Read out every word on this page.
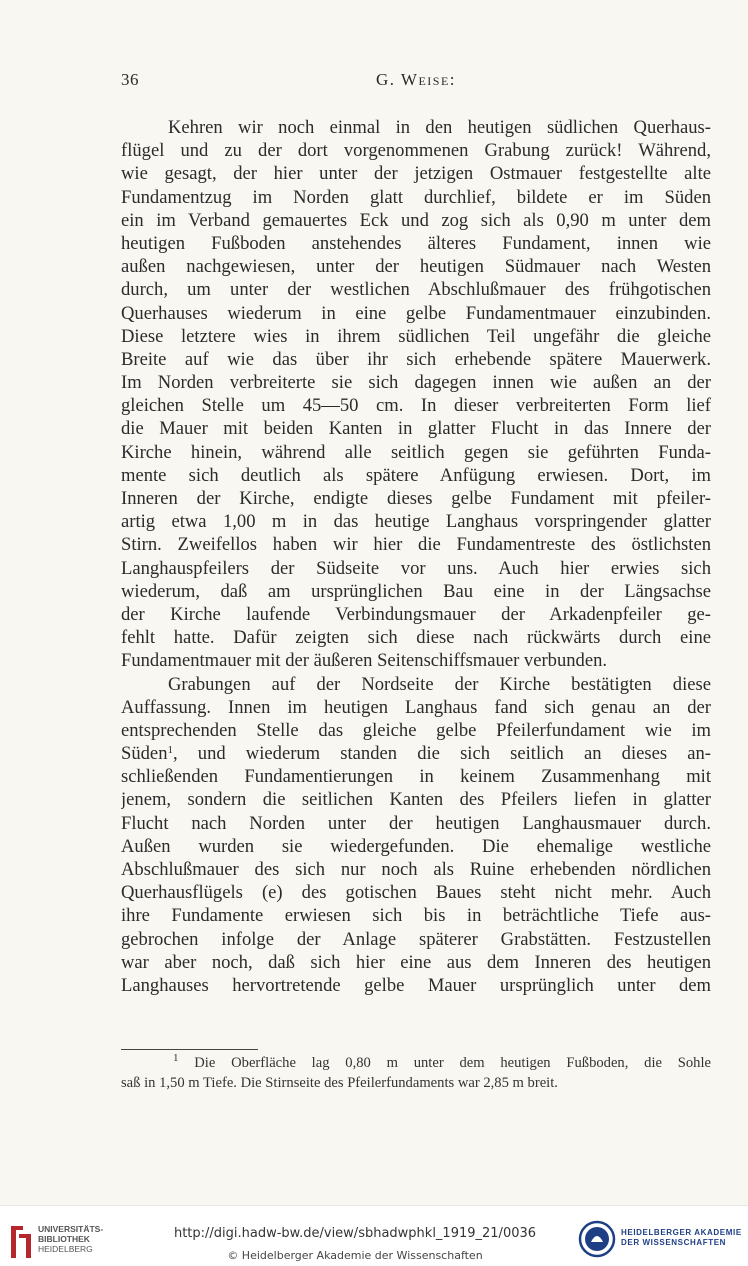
36	G. Weise:
Kehren wir noch einmal in den heutigen südlichen Querhaus-
flügel und zu der dort vorgenommenen Grabung zurück! Während,
wie gesagt, der hier unter der jetzigen Ostmauer festgestellte alte
Fundamentzug im Norden glatt durchlief, bildete er im Süden
ein im Verband gemauertes Eck und zog sich als 0,90 m unter dem
heutigen Fußboden anstehendes älteres Fundament, innen wie
außen nachgewiesen, unter der heutigen Südmauer nach Westen
durch, um unter der westlichen Abschlußmauer des frühgotischen
Querhauses wiederum in eine gelbe Fundamentmauer einzubinden.
Diese letztere wies in ihrem südlichen Teil ungefähr die gleiche
Breite auf wie das über ihr sich erhebende spätere Mauerwerk.
Im Norden verbreiterte sie sich dagegen innen wie außen an der
gleichen Stelle um 45—50 cm. In dieser verbreiterten Form lief
die Mauer mit beiden Kanten in glatter Flucht in das Innere der
Kirche hinein, während alle seitlich gegen sie geführten Funda-
mente sich deutlich als spätere Anfügung erwiesen. Dort, im
Inneren der Kirche, endigte dieses gelbe Fundament mit pfeiler-
artig etwa 1,00 m in das heutige Langhaus vorspringender glatter
Stirn. Zweifellos haben wir hier die Fundamentreste des östlichsten
Langhauspfeilers der Südseite vor uns. Auch hier erwies sich
wiederum, daß am ursprünglichen Bau eine in der Längsachse
der Kirche laufende Verbindungsmauer der Arkadenpfeiler ge-
fehlt hatte. Dafür zeigten sich diese nach rückwärts durch eine
Fundamentmauer mit der äußeren Seitenschiffsmauer verbunden.
Grabungen auf der Nordseite der Kirche bestätigten diese
Auffassung. Innen im heutigen Langhaus fand sich genau an der
entsprechenden Stelle das gleiche gelbe Pfeilerfundament wie im
Süden$^1$, und wiederum standen die sich seitlich an dieses an-
schließenden Fundamentierungen in keinem Zusammenhang mit
jenem, sondern die seitlichen Kanten des Pfeilers liefen in glatter
Flucht nach Norden unter der heutigen Langhausmauer durch.
Außen wurden sie wiedergefunden. Die ehemalige westliche
Abschlußmauer des sich nur noch als Ruine erhebenden nördlichen
Querhausflügels (e) des gotischen Baues steht nicht mehr. Auch
ihre Fundamente erwiesen sich bis in beträchtliche Tiefe aus-
gebrochen infolge der Anlage späterer Grabstätten. Festzustellen
war aber noch, daß sich hier eine aus dem Inneren des heutigen
Langhauses hervortretende gelbe Mauer ursprünglich unter dem
$^1$ Die Oberfläche lag 0,80 m unter dem heutigen Fußboden, die Sohle
saß in 1,50 m Tiefe. Die Stirnseite des Pfeilerfundaments war 2,85 m breit.
UNIVERSITÄTS-
BIBLIOTHEK
HEIDELBERG
http://digi.hadw-bw.de/view/sbhadwphkl_1919_21/0036
© Heidelberger Akademie der Wissenschaften
HEIDELBERGER AKADEMIE
DER WISSENSCHAFTEN
